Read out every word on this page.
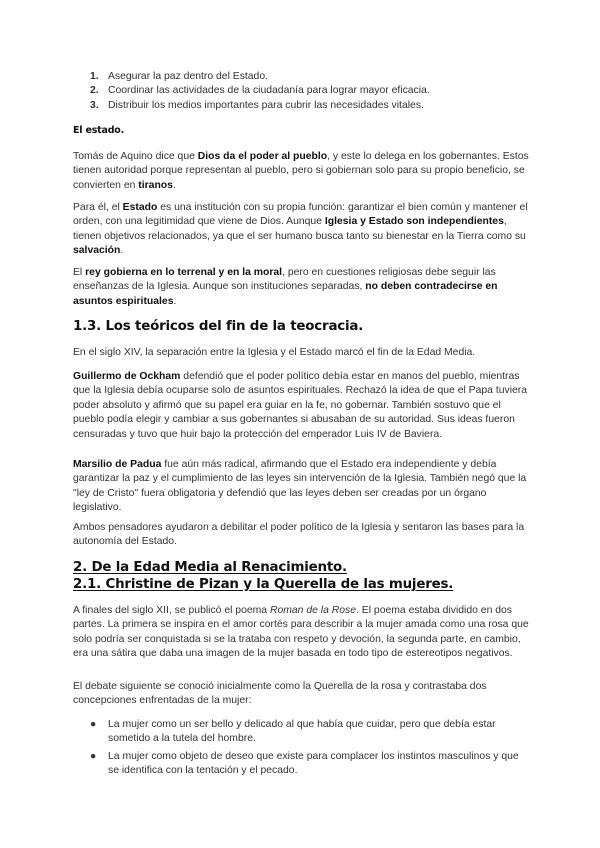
1. Asegurar la paz dentro del Estado.
2. Coordinar las actividades de la ciudadanía para lograr mayor eficacia.
3. Distribuir los medios importantes para cubrir las necesidades vitales.
El estado.

Tomás de Aquino dice que Dios da el poder al pueblo, y este lo delega en los gobernantes. Estos tienen autoridad porque representan al pueblo, pero si gobiernan solo para su propio beneficio, se convierten en tiranos.

Para él, el Estado es una institución con su propia función: garantizar el bien común y mantener el orden, con una legitimidad que viene de Dios. Aunque Iglesia y Estado son independientes, tienen objetivos relacionados, ya que el ser humano busca tanto su bienestar en la Tierra como su salvación.

El rey gobierna en lo terrenal y en la moral, pero en cuestiones religiosas debe seguir las enseñanzas de la Iglesia. Aunque son instituciones separadas, no deben contradecirse en asuntos espirituales.

1.3. Los teóricos del fin de la teocracia.

En el siglo XIV, la separación entre la Iglesia y el Estado marcó el fin de la Edad Media.

Guillermo de Ockham defendió que el poder político debía estar en manos del pueblo, mientras que la Iglesia debía ocuparse solo de asuntos espirituales. Rechazó la idea de que el Papa tuviera poder absoluto y afirmó que su papel era guiar en la fe, no gobernar. También sostuvo que el pueblo podía elegir y cambiar a sus gobernantes si abusaban de su autoridad. Sus ideas fueron censuradas y tuvo que huir bajo la protección del emperador Luis IV de Baviera.

Marsilio de Padua fue aún más radical, afirmando que el Estado era independiente y debía garantizar la paz y el cumplimiento de las leyes sin intervención de la Iglesia. También negó que la "ley de Cristo" fuera obligatoria y defendió que las leyes deben ser creadas por un órgano legislativo.

Ambos pensadores ayudaron a debilitar el poder político de la Iglesia y sentaron las bases para la autonomía del Estado.

2. De la Edad Media al Renacimiento.
2.1. Christine de Pizan y la Querella de las mujeres.

A finales del siglo XII, se publicó el poema Roman de la Rose. El poema estaba dividido en dos partes. La primera se inspira en el amor cortés para describir a la mujer amada como una rosa que solo podría ser conquistada si se la trataba con respeto y devoción, la segunda parte, en cambio, era una sátira que daba una imagen de la mujer basada en todo tipo de estereotipos negativos.

El debate siguiente se conoció inicialmente como la Querella de la rosa y contrastaba dos concepciones enfrentadas de la mujer:

● La mujer como un ser bello y delicado al que había que cuidar, pero que debía estar sometido a la tutela del hombre.
● La mujer como objeto de deseo que existe para complacer los instintos masculinos y que se identifica con la tentación y el pecado.
